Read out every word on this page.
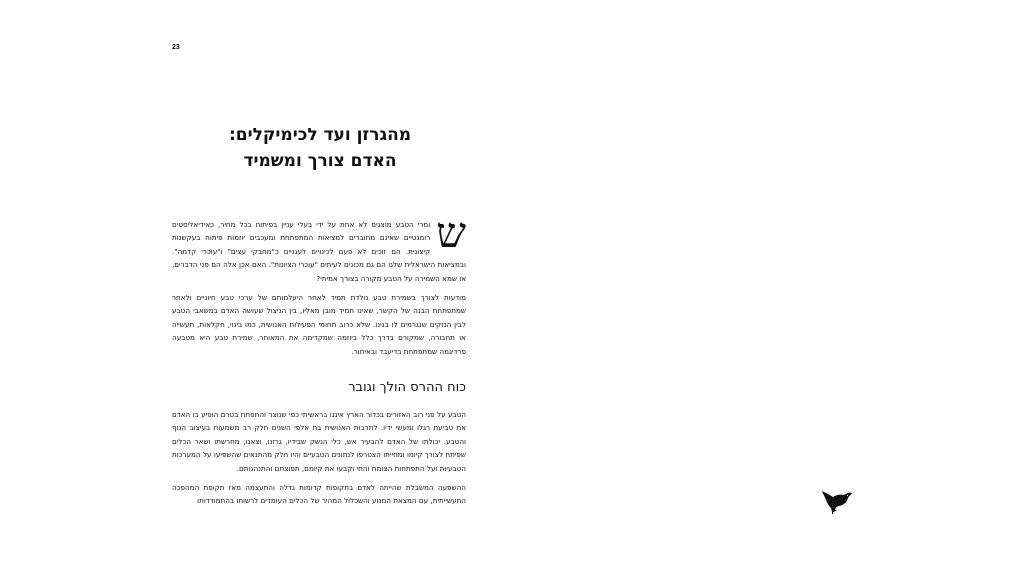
23
מהגרזן ועד לכימיקלים:
האדם צורך ומשמיד

ש
ומרי הטבע מוצגים לא אחת על ידי בעלי עניין בפיתוח בכל מחיר, כאידיאליסטים רומנטיים שאינם מחוברים למציאות המתפתחת ומעכבים יוזמות פיתוח בעקשנות קיצונית. הם זוכים לא פעם לכינויים לעגניים כ"מחבקי עצים" ו"עוכרי קדמה". ובמציאות הישראלית שלנו הם גם מכונים לעיתים "עוכרי הציונות". האם אכן אלה הם פני הדברים, או שמא השמירה על הטבע מקורה בצורך אמיתי?

מודעות לצורך בשמירת טבע נולדת תמיד לאחר היעלמותם של ערכי טבע חיוניים ולאחר שמתפתחת הבנה של הקשר, שאינו תמיד מובן מאליו, בין הניצול שעושה האדם במשאבי הטבע לבין הנזקים שנגרמים לו בגינו. שלא כרוב תחומי הפעילות האנושית, כמו בינוי, חקלאות, תעשייה או תחבורה, שמקורם בדרך כלל ביוזמה שמקדימה את המאוחר, שמירת טבע היא מטבעה פרדיגמה שמתפתחת בדיעבד ובאיחור.

כוח ההרס הולך וגובר

הטבע על פני רוב האזורים בכדור הארץ איננו בראשיתי כפי שנוצר והתפתח בטרם הופיע בו האדם את טביעת רגלו ומעשי ידיו. לתרבות האנושית בת אלפי השנים חלק רב משמעות בעיצוב הנוף והטבע. יכולתו של האדם להבעיר אש, כלי הנשק שבידיו, גרזנו, וצאנו, מחרשתו ושאר הכלים שפיתח לצורך קיומו ומחייתו הצטרפו לנתונים הטבעיים והיו חלק מהתנאים שהשפיעו על המערכות הטבעיות ועל התפתחות הצומח והחי וקבעו את קיומם, תפוצתם והתנהגותם.

ההשפעה המשבלת שהייתה לאדם בתקופות קדומות גדלה והתעצמה מאז תקופת המהפכה התעשייתית, עם המצאת המנוע והשכלול המהיר של הכלים העומדים לרשותו בהתמודדותו
